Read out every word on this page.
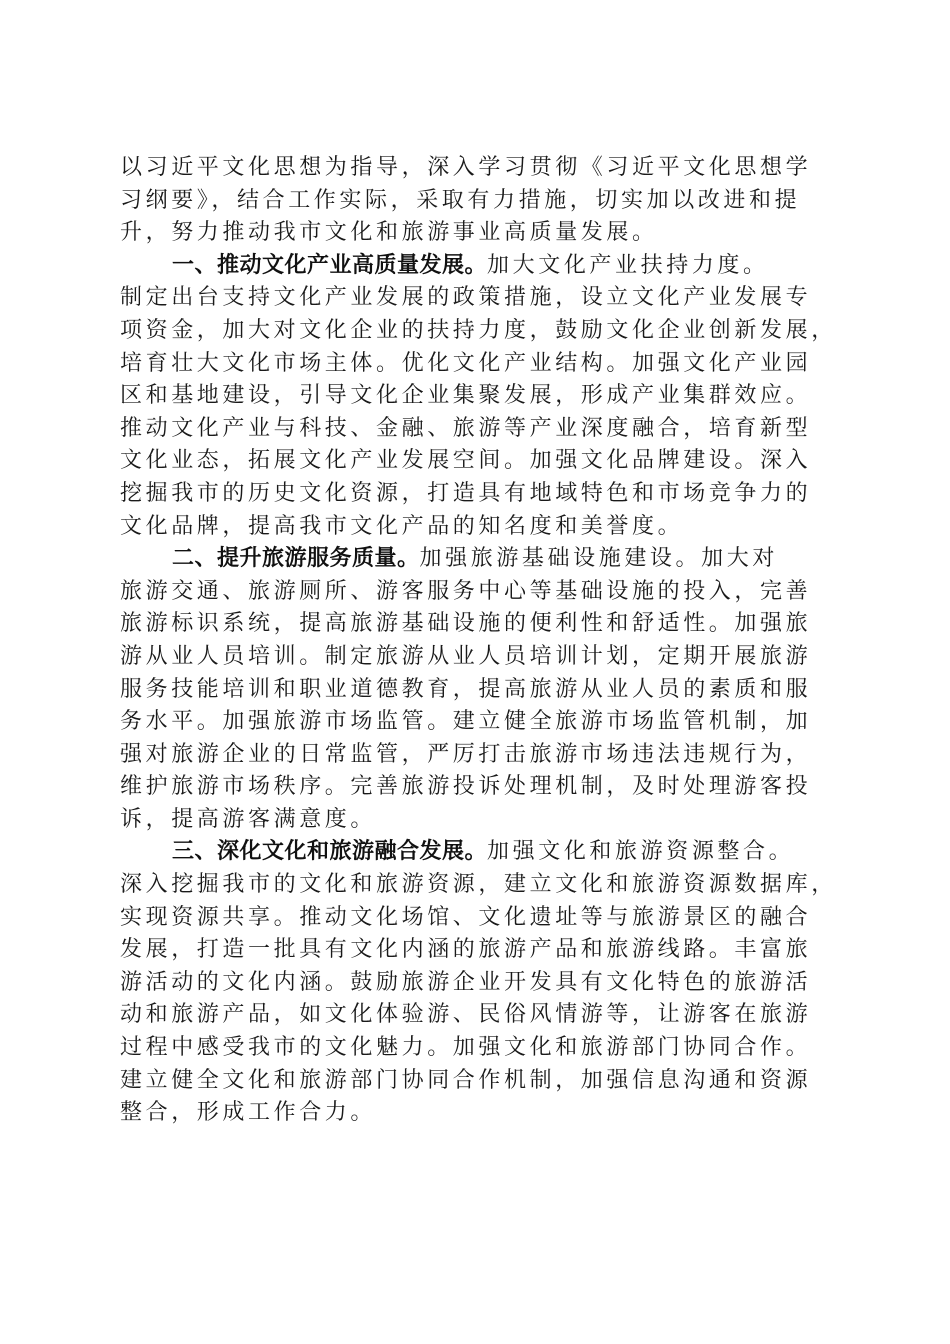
以习近平文化思想为指导，深入学习贯彻《习近平文化思想学
习纲要》，结合工作实际，采取有力措施，切实加以改进和提
升，努力推动我市文化和旅游事业高质量发展。
一、推动文化产业高质量发展。加大文化产业扶持力度。
制定出台支持文化产业发展的政策措施，设立文化产业发展专
项资金，加大对文化企业的扶持力度，鼓励文化企业创新发展，
培育壮大文化市场主体。优化文化产业结构。加强文化产业园
区和基地建设，引导文化企业集聚发展，形成产业集群效应。
推动文化产业与科技、金融、旅游等产业深度融合，培育新型
文化业态，拓展文化产业发展空间。加强文化品牌建设。深入
挖掘我市的历史文化资源，打造具有地域特色和市场竞争力的
文化品牌，提高我市文化产品的知名度和美誉度。
二、提升旅游服务质量。加强旅游基础设施建设。加大对
旅游交通、旅游厕所、游客服务中心等基础设施的投入，完善
旅游标识系统，提高旅游基础设施的便利性和舒适性。加强旅
游从业人员培训。制定旅游从业人员培训计划，定期开展旅游
服务技能培训和职业道德教育，提高旅游从业人员的素质和服
务水平。加强旅游市场监管。建立健全旅游市场监管机制，加
强对旅游企业的日常监管，严厉打击旅游市场违法违规行为，
维护旅游市场秩序。完善旅游投诉处理机制，及时处理游客投
诉，提高游客满意度。
三、深化文化和旅游融合发展。加强文化和旅游资源整合。
深入挖掘我市的文化和旅游资源，建立文化和旅游资源数据库，
实现资源共享。推动文化场馆、文化遗址等与旅游景区的融合
发展，打造一批具有文化内涵的旅游产品和旅游线路。丰富旅
游活动的文化内涵。鼓励旅游企业开发具有文化特色的旅游活
动和旅游产品，如文化体验游、民俗风情游等，让游客在旅游
过程中感受我市的文化魅力。加强文化和旅游部门协同合作。
建立健全文化和旅游部门协同合作机制，加强信息沟通和资源
整合，形成工作合力。
